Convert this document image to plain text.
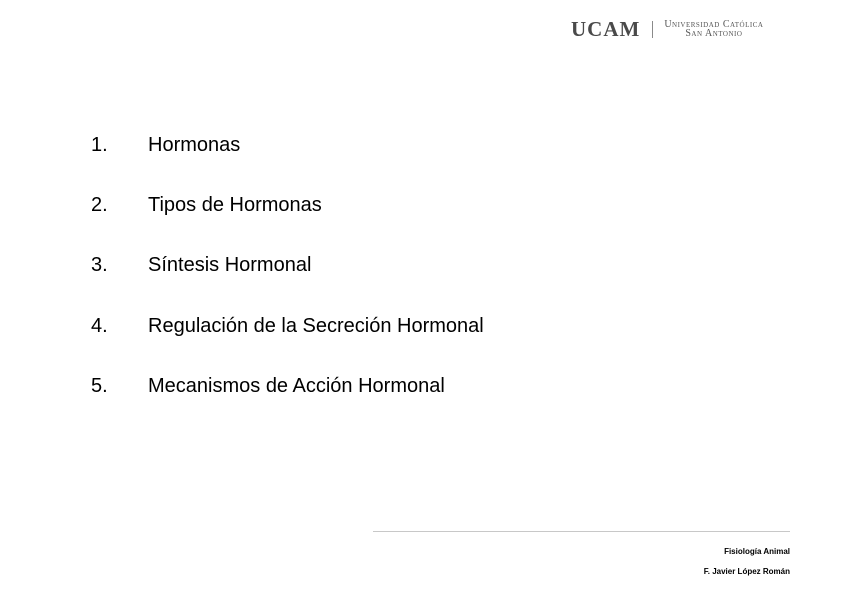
UCAM Universidad Católica
San Antonio
1.	Hormonas
2.	Tipos de Hormonas
3.	Síntesis Hormonal
4.	Regulación de la Secreción Hormonal
5.	Mecanismos de Acción Hormonal
Fisiología Animal
F. Javier López Román
